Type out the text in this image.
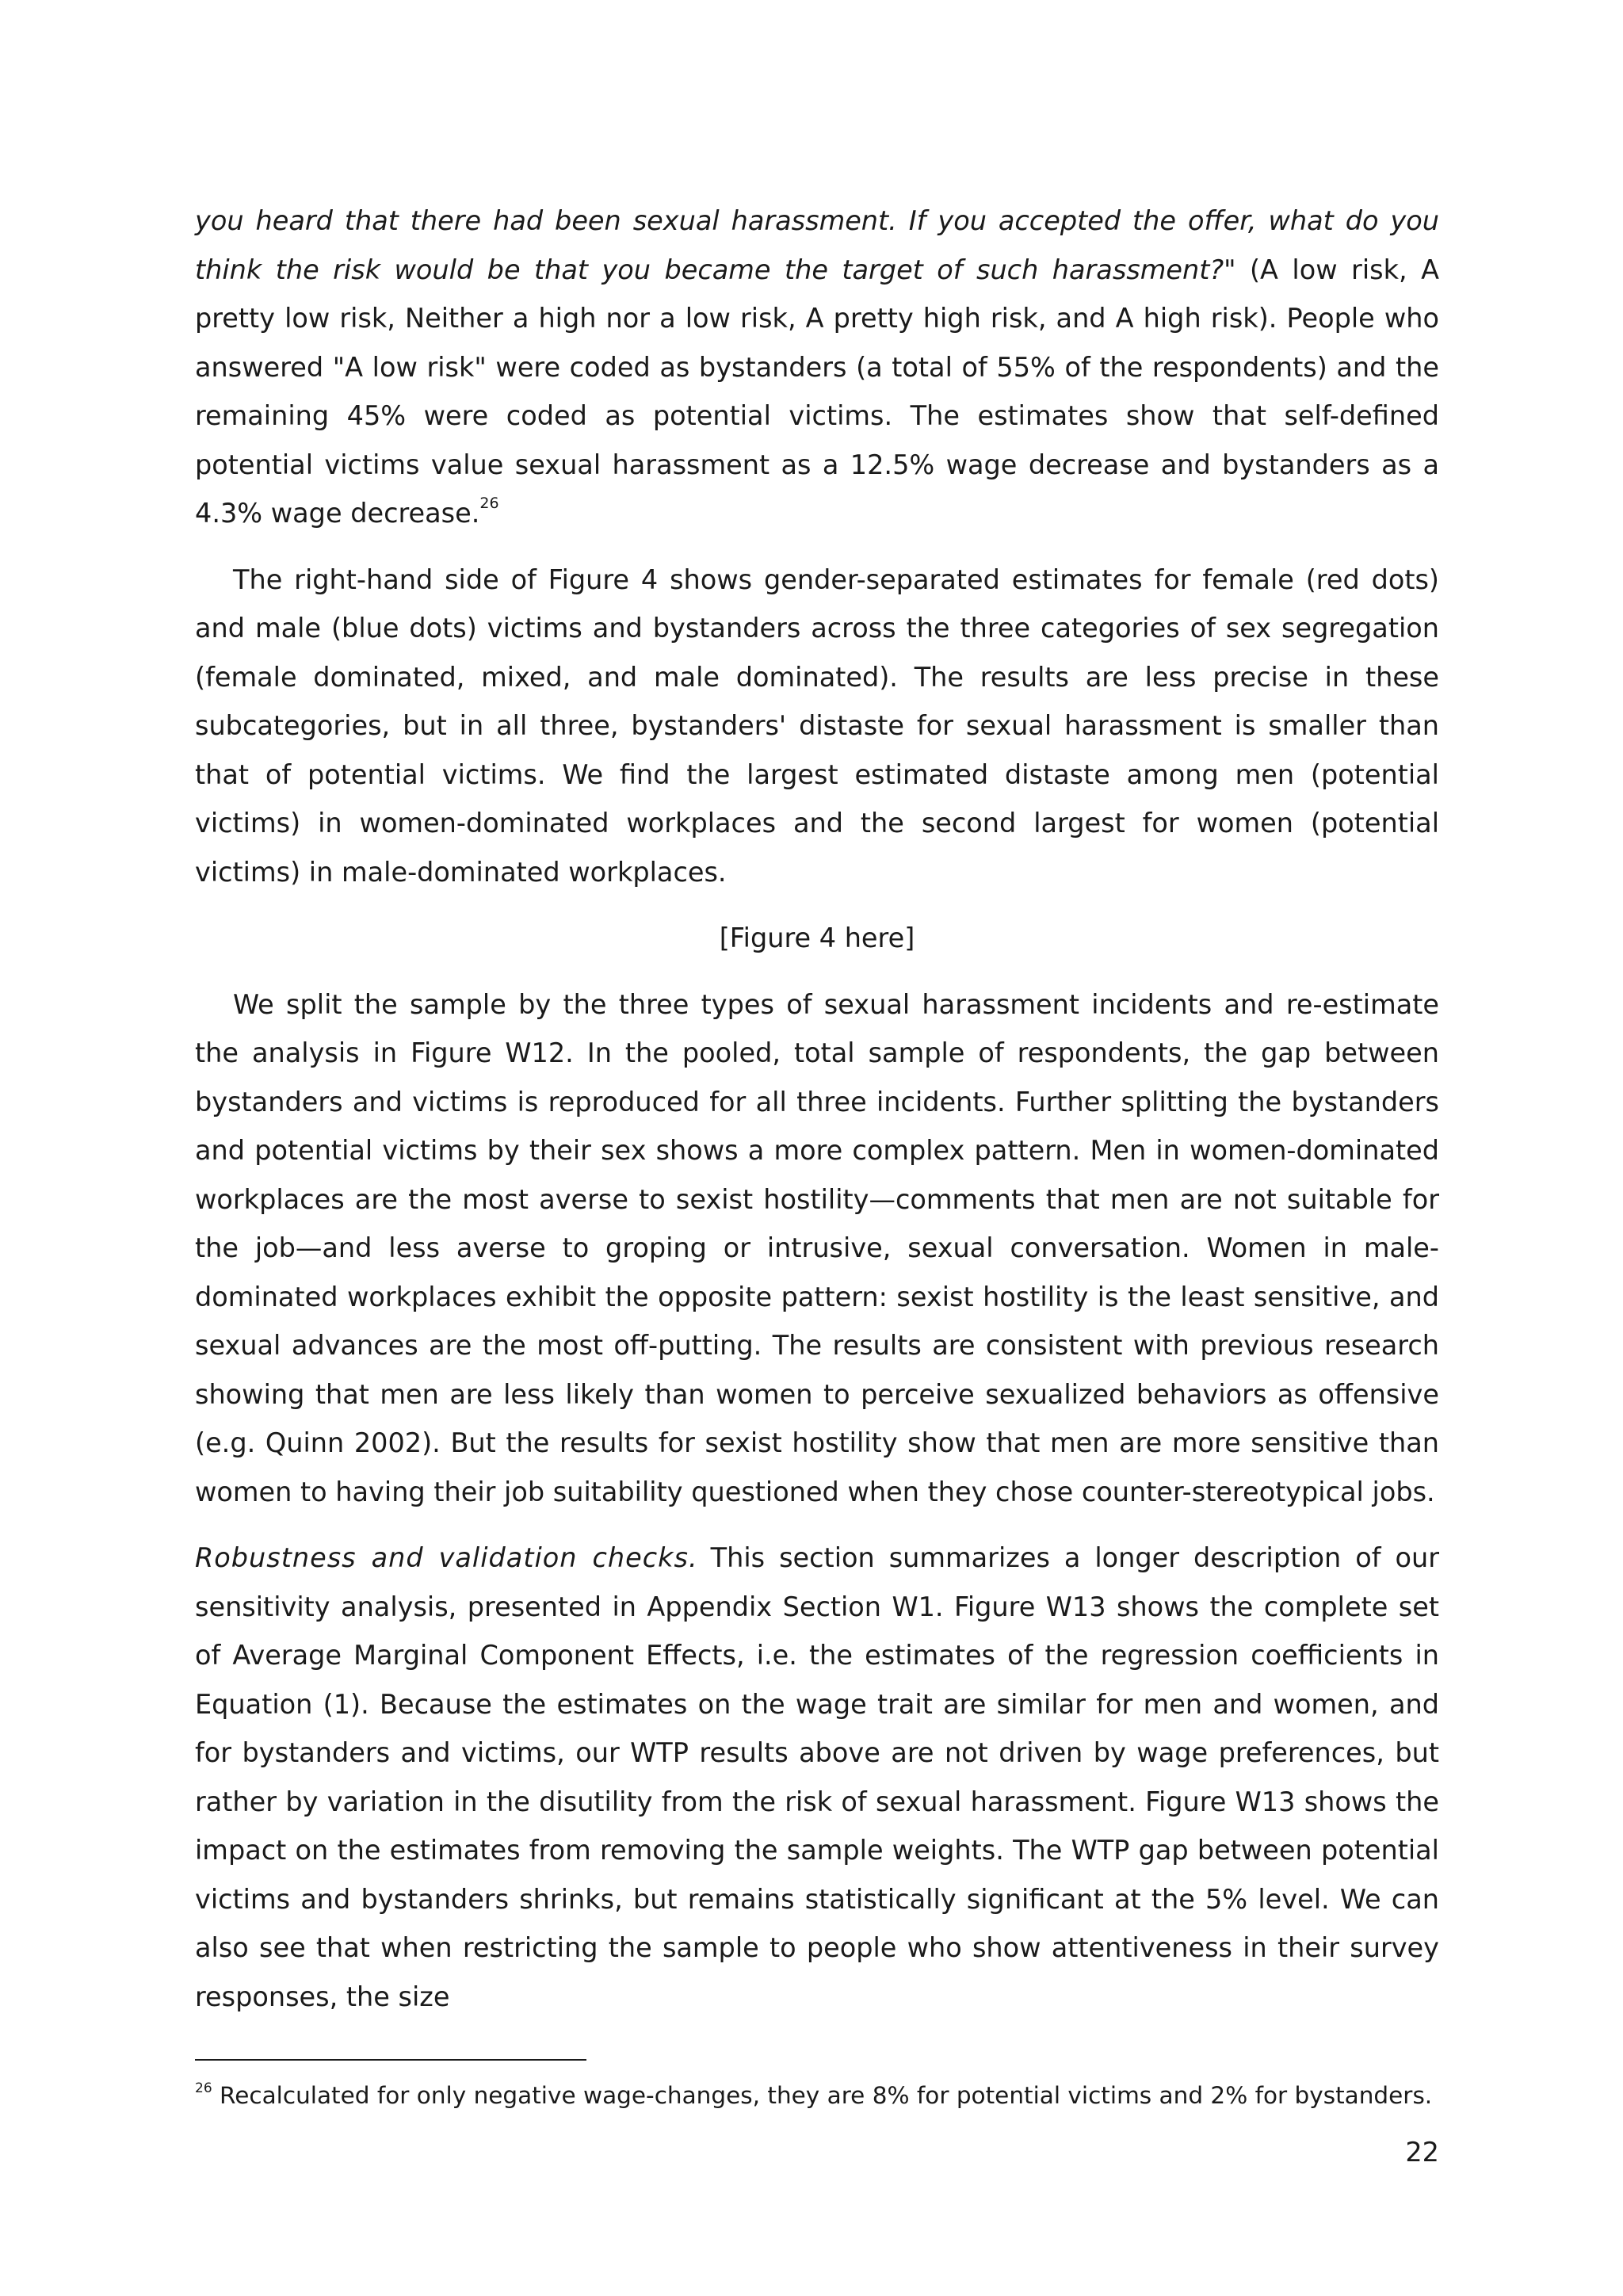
you heard that there had been sexual harassment. If you accepted the offer, what do you think the risk would be that you became the target of such harassment?" (A low risk, A pretty low risk, Neither a high nor a low risk, A pretty high risk, and A high risk). People who answered "A low risk" were coded as bystanders (a total of 55% of the respondents) and the remaining 45% were coded as potential victims. The estimates show that self-defined potential victims value sexual harassment as a 12.5% wage decrease and bystanders as a 4.3% wage decrease.$^{26}$

The right-hand side of Figure 4 shows gender-separated estimates for female (red dots) and male (blue dots) victims and bystanders across the three categories of sex segregation (female dominated, mixed, and male dominated). The results are less precise in these subcategories, but in all three, bystanders' distaste for sexual harassment is smaller than that of potential victims. We find the largest estimated distaste among men (potential victims) in women-dominated workplaces and the second largest for women (potential victims) in male-dominated workplaces.

[Figure 4 here]

We split the sample by the three types of sexual harassment incidents and re-estimate the analysis in Figure W12. In the pooled, total sample of respondents, the gap between bystanders and victims is reproduced for all three incidents. Further splitting the bystanders and potential victims by their sex shows a more complex pattern. Men in women-dominated workplaces are the most averse to sexist hostility—comments that men are not suitable for the job—and less averse to groping or intrusive, sexual conversation. Women in male-dominated workplaces exhibit the opposite pattern: sexist hostility is the least sensitive, and sexual advances are the most off-putting. The results are consistent with previous research showing that men are less likely than women to perceive sexualized behaviors as offensive (e.g. Quinn 2002). But the results for sexist hostility show that men are more sensitive than women to having their job suitability questioned when they chose counter-stereotypical jobs.

Robustness and validation checks. This section summarizes a longer description of our sensitivity analysis, presented in Appendix Section W1. Figure W13 shows the complete set of Average Marginal Component Effects, i.e. the estimates of the regression coefficients in Equation (1). Because the estimates on the wage trait are similar for men and women, and for bystanders and victims, our WTP results above are not driven by wage preferences, but rather by variation in the disutility from the risk of sexual harassment. Figure W13 shows the impact on the estimates from removing the sample weights. The WTP gap between potential victims and bystanders shrinks, but remains statistically significant at the 5% level. We can also see that when restricting the sample to people who show attentiveness in their survey responses, the size

$^{26}$ Recalculated for only negative wage-changes, they are 8% for potential victims and 2% for bystanders.

22
